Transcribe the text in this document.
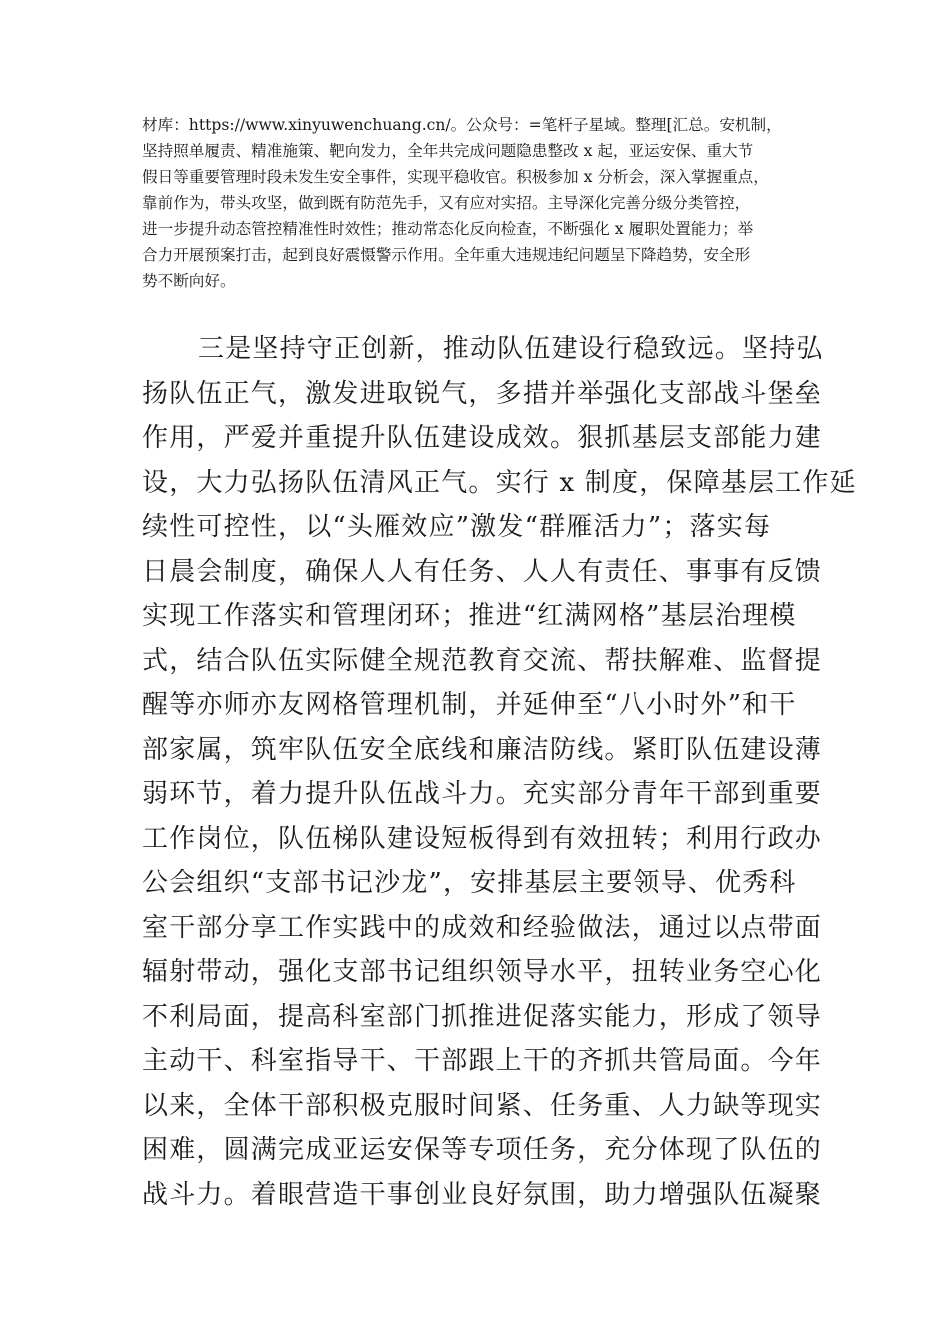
材库：https://www.xinyuwenchuang.cn/。公众号：=笔杆子星域。整理[汇总。安机制，
坚持照单履责、精准施策、靶向发力，全年共完成问题隐患整改 x 起，亚运安保、重大节
假日等重要管理时段未发生安全事件，实现平稳收官。积极参加 x 分析会，深入掌握重点，
靠前作为，带头攻坚，做到既有防范先手，又有应对实招。主导深化完善分级分类管控，
进一步提升动态管控精准性时效性；推动常态化反向检查，不断强化 x 履职处置能力；举
合力开展预案打击，起到良好震慑警示作用。全年重大违规违纪问题呈下降趋势，安全形
势不断向好。
三是坚持守正创新，推动队伍建设行稳致远。坚持弘
扬队伍正气，激发进取锐气，多措并举强化支部战斗堡垒
作用，严爱并重提升队伍建设成效。狠抓基层支部能力建
设，大力弘扬队伍清风正气。实行 x 制度，保障基层工作延
续性可控性，以“头雁效应”激发“群雁活力”；落实每
日晨会制度，确保人人有任务、人人有责任、事事有反馈
实现工作落实和管理闭环；推进“红满网格”基层治理模
式，结合队伍实际健全规范教育交流、帮扶解难、监督提
醒等亦师亦友网格管理机制，并延伸至“八小时外”和干
部家属，筑牢队伍安全底线和廉洁防线。紧盯队伍建设薄
弱环节，着力提升队伍战斗力。充实部分青年干部到重要
工作岗位，队伍梯队建设短板得到有效扭转；利用行政办
公会组织“支部书记沙龙”，安排基层主要领导、优秀科
室干部分享工作实践中的成效和经验做法，通过以点带面
辐射带动，强化支部书记组织领导水平，扭转业务空心化
不利局面，提高科室部门抓推进促落实能力，形成了领导
主动干、科室指导干、干部跟上干的齐抓共管局面。今年
以来，全体干部积极克服时间紧、任务重、人力缺等现实
困难，圆满完成亚运安保等专项任务，充分体现了队伍的
战斗力。着眼营造干事创业良好氛围，助力增强队伍凝聚
